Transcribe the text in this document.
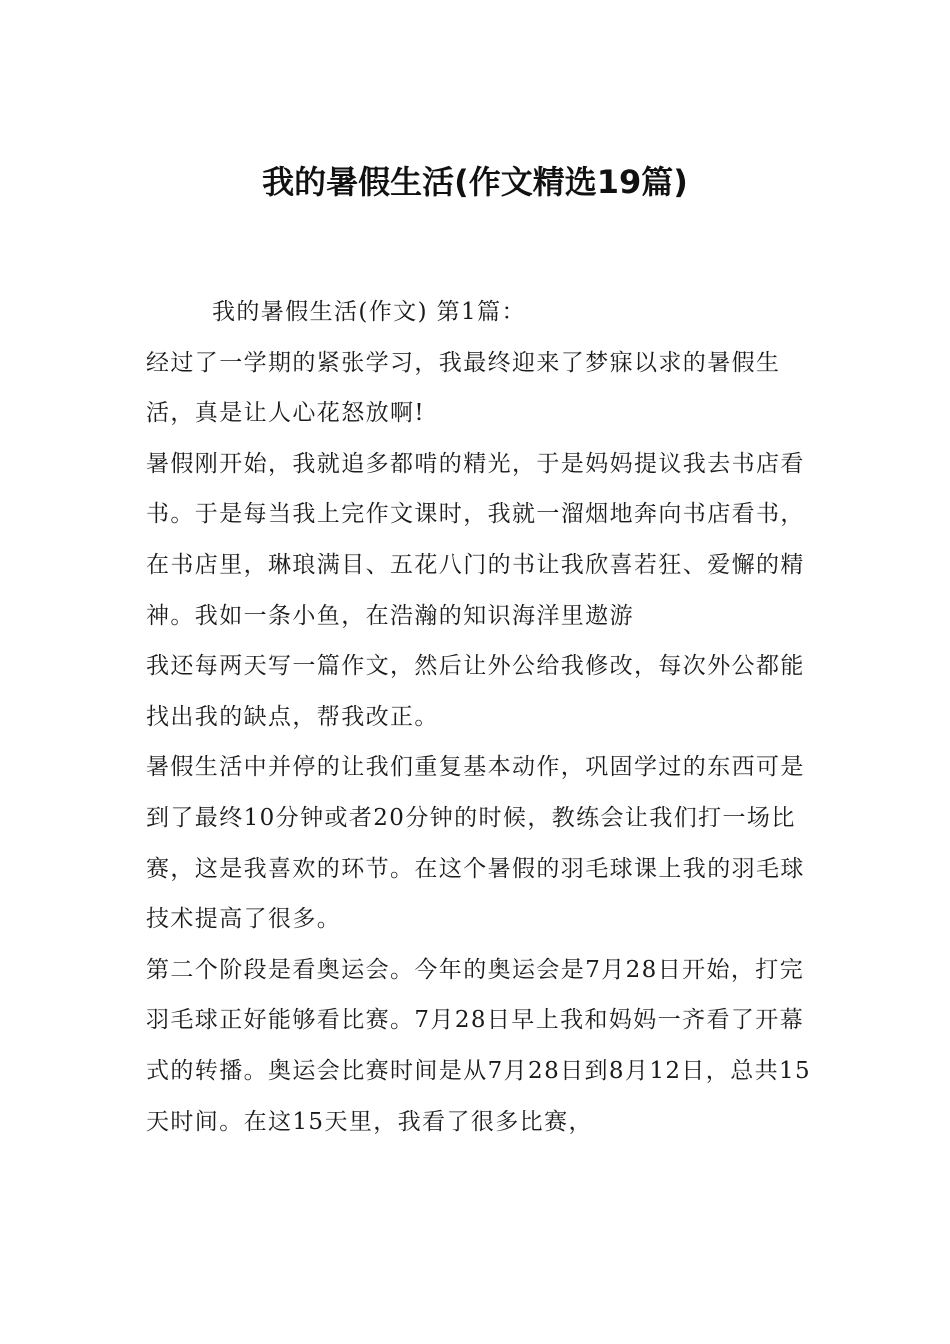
我的暑假生活(作文精选19篇)

我的暑假生活(作文) 第1篇：

经过了一学期的紧张学习，我最终迎来了梦寐以求的暑假生活，真是让人心花怒放啊!

暑假刚开始，我就追多都啃的精光，于是妈妈提议我去书店看书。于是每当我上完作文课时，我就一溜烟地奔向书店看书，在书店里，琳琅满目、五花八门的书让我欣喜若狂、爱懈的精神。我如一条小鱼，在浩瀚的知识海洋里遨游

我还每两天写一篇作文，然后让外公给我修改，每次外公都能找出我的缺点，帮我改正。

暑假生活中并停的让我们重复基本动作，巩固学过的东西可是到了最终10分钟或者20分钟的时候，教练会让我们打一场比赛，这是我喜欢的环节。在这个暑假的羽毛球课上我的羽毛球技术提高了很多。

第二个阶段是看奥运会。今年的奥运会是7月28日开始，打完羽毛球正好能够看比赛。7月28日早上我和妈妈一齐看了开幕式的转播。奥运会比赛时间是从7月28日到8月12日，总共15天时间。在这15天里，我看了很多比赛，
